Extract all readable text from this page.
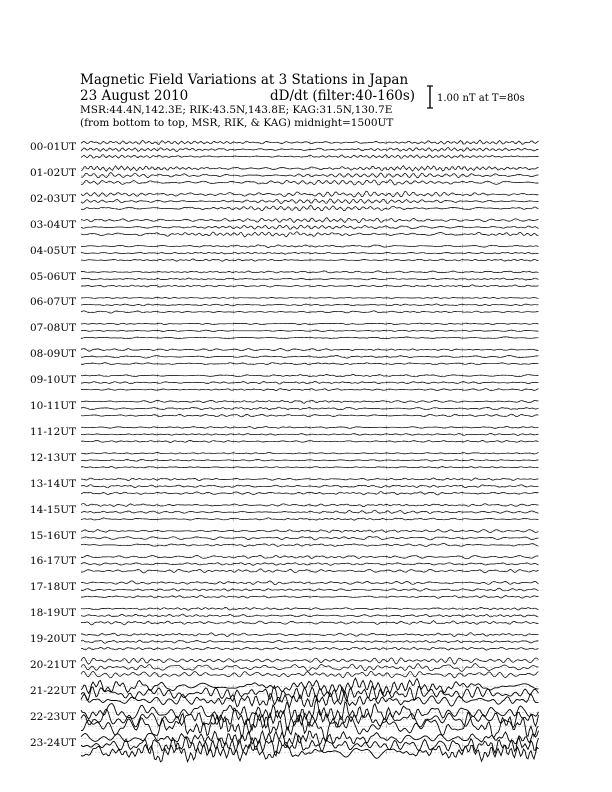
Magnetic Field Variations at 3 Stations in Japan
23 August 2010	dD/dt (filter:40-160s)
MSR:44.4N,142.3E; RIK:43.5N,143.8E; KAG:31.5N,130.7E
(from bottom to top, MSR, RIK, & KAG) midnight=1500UT
1.00 nT at T=80s
00-01UT
01-02UT
02-03UT
03-04UT
04-05UT
05-06UT
06-07UT
07-08UT
08-09UT
09-10UT
10-11UT
11-12UT
12-13UT
13-14UT
14-15UT
15-16UT
16-17UT
17-18UT
18-19UT
19-20UT
20-21UT
21-22UT
22-23UT
23-24UT
